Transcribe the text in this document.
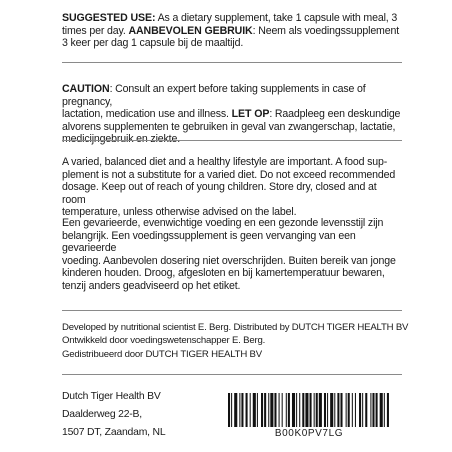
SUGGESTED USE: As a dietary supplement, take 1 capsule with meal, 3
times per day. AANBEVOLEN GEBRUIK: Neem als voedingssupplement
3 keer per dag 1 capsule bij de maaltijd.

CAUTION: Consult an expert before taking supplements in case of pregnancy,
lactation, medication use and illness. LET OP: Raadpleeg een deskundige
alvorens supplementen te gebruiken in geval van zwangerschap, lactatie,

A varied, balanced diet and a healthy lifestyle are important. A food sup-
plement is not a substitute for a varied diet. Do not exceed recommended
dosage. Keep out of reach of young children. Store dry, closed and at room
temperature, unless otherwise advised on the label.

Een gevarieerde, evenwichtige voeding en een gezonde levensstijl zijn
belangrijk. Een voedingssupplement is geen vervanging van een gevarieerde
voeding. Aanbevolen dosering niet overschrijden. Buiten bereik van jonge
kinderen houden. Droog, afgesloten en bij kamertemperatuur bewaren,
tenzij anders geadviseerd op het etiket.

Developed by nutritional scientist E. Berg. Distributed by DUTCH TIGER HEALTH BV
Ontwikkeld door voedingswetenschapper E. Berg.
Gedistribueerd door DUTCH TIGER HEALTH BV

Dutch Tiger Health BV
Daalderweg 22-B,
1507 DT, Zaandam, NL	B00K0PV7LG
